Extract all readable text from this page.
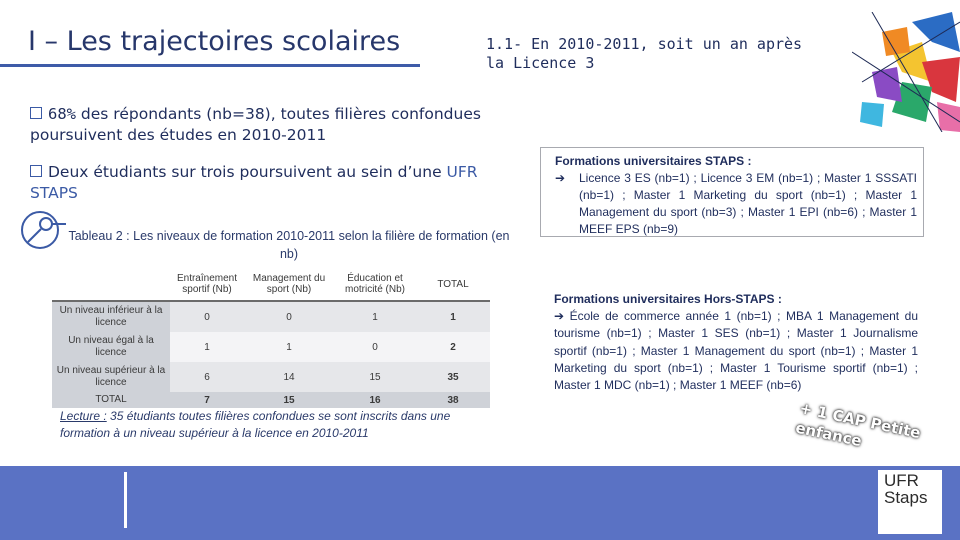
I – Les trajectoires scolaires	1.1- En 2010-2011, soit un an après la Licence 3
68% des répondants (nb=38), toutes filières confondues poursuivent des études en 2010-2011
Deux étudiants sur trois poursuivent au sein d’une UFR STAPS
Tableau 2 : Les niveaux de formation 2010-2011 selon la filière de formation (en nb)
	Entraînement sportif (Nb)	Management du sport (Nb)	Éducation et motricité (Nb)	TOTAL
Un niveau inférieur à la licence	0	0	1	1
Un niveau égal à la licence	1	1	0	2
Un niveau supérieur à la licence	6	14	15	35
TOTAL	7	15	16	38
Lecture : 35 étudiants toutes filières confondues se sont inscrits dans une formation à un niveau supérieur à la licence en 2010-2011
Formations universitaires STAPS :
➔	Licence 3 ES (nb=1) ; Licence 3 EM (nb=1) ; Master 1 SSSATI (nb=1) ; Master 1 Marketing du sport (nb=1) ; Master 1 Management du sport (nb=3) ; Master 1 EPI (nb=6) ; Master 1 MEEF EPS (nb=9)
Formations universitaires Hors-STAPS :
➔ École de commerce année 1 (nb=1) ; MBA 1 Management du tourisme (nb=1) ; Master 1 SES (nb=1) ; Master 1 Journalisme sportif (nb=1) ; Master 1 Management du sport (nb=1) ; Master 1 Marketing du sport (nb=1) ; Master 1 Tourisme sportif (nb=1) ; Master 1 MDC (nb=1) ; Master 1 MEEF (nb=6)
+ 1 CAP Petite enfance
UFR
Staps
